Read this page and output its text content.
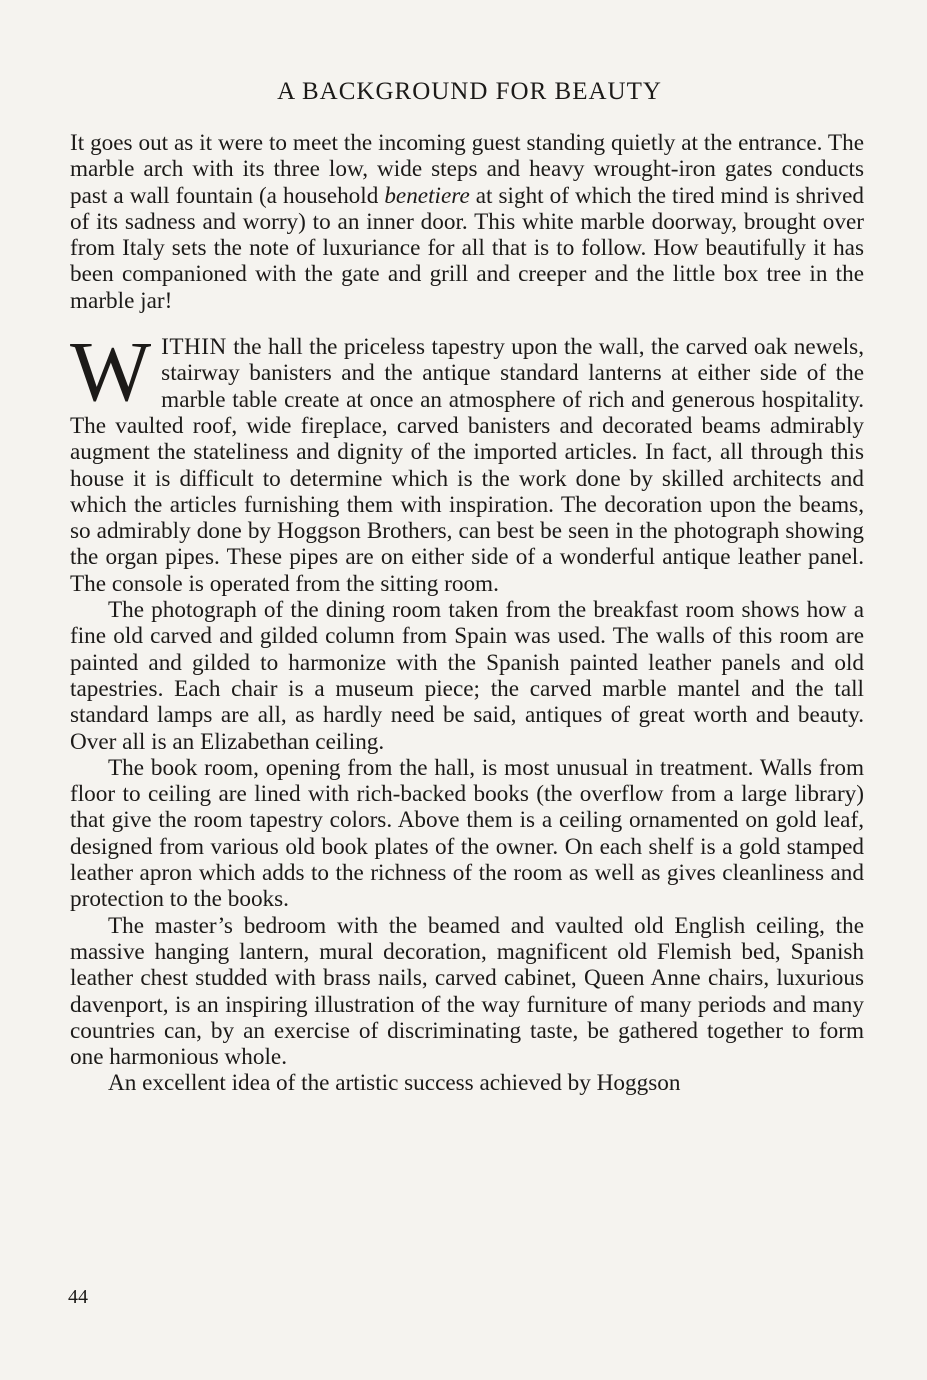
A BACKGROUND FOR BEAUTY

It goes out as it were to meet the incoming guest standing quietly at the entrance. The marble arch with its three low, wide steps and heavy wrought-iron gates conducts past a wall fountain (a household benetiere at sight of which the tired mind is shrived of its sadness and worry) to an inner door. This white marble doorway, brought over from Italy sets the note of luxuriance for all that is to follow. How beautifully it has been companioned with the gate and grill and creeper and the little box tree in the marble jar!

WITHIN the hall the priceless tapestry upon the wall, the carved oak newels, stairway banisters and the antique standard lanterns at either side of the marble table create at once an atmosphere of rich and generous hospitality. The vaulted roof, wide fireplace, carved banisters and decorated beams admirably augment the stateliness and dignity of the imported articles. In fact, all through this house it is difficult to determine which is the work done by skilled architects and which the articles furnishing them with inspiration. The decoration upon the beams, so admirably done by Hoggson Brothers, can best be seen in the photograph showing the organ pipes. These pipes are on either side of a wonderful antique leather panel. The console is operated from the sitting room.

The photograph of the dining room taken from the breakfast room shows how a fine old carved and gilded column from Spain was used. The walls of this room are painted and gilded to harmonize with the Spanish painted leather panels and old tapestries. Each chair is a museum piece; the carved marble mantel and the tall standard lamps are all, as hardly need be said, antiques of great worth and beauty. Over all is an Elizabethan ceiling.

The book room, opening from the hall, is most unusual in treatment. Walls from floor to ceiling are lined with rich-backed books (the overflow from a large library) that give the room tapestry colors. Above them is a ceiling ornamented on gold leaf, designed from various old book plates of the owner. On each shelf is a gold stamped leather apron which adds to the richness of the room as well as gives cleanliness and protection to the books.

The master’s bedroom with the beamed and vaulted old English ceiling, the massive hanging lantern, mural decoration, magnificent old Flemish bed, Spanish leather chest studded with brass nails, carved cabinet, Queen Anne chairs, luxurious davenport, is an inspiring illustration of the way furniture of many periods and many countries can, by an exercise of discriminating taste, be gathered together to form one harmonious whole.

An excellent idea of the artistic success achieved by Hoggson

44
